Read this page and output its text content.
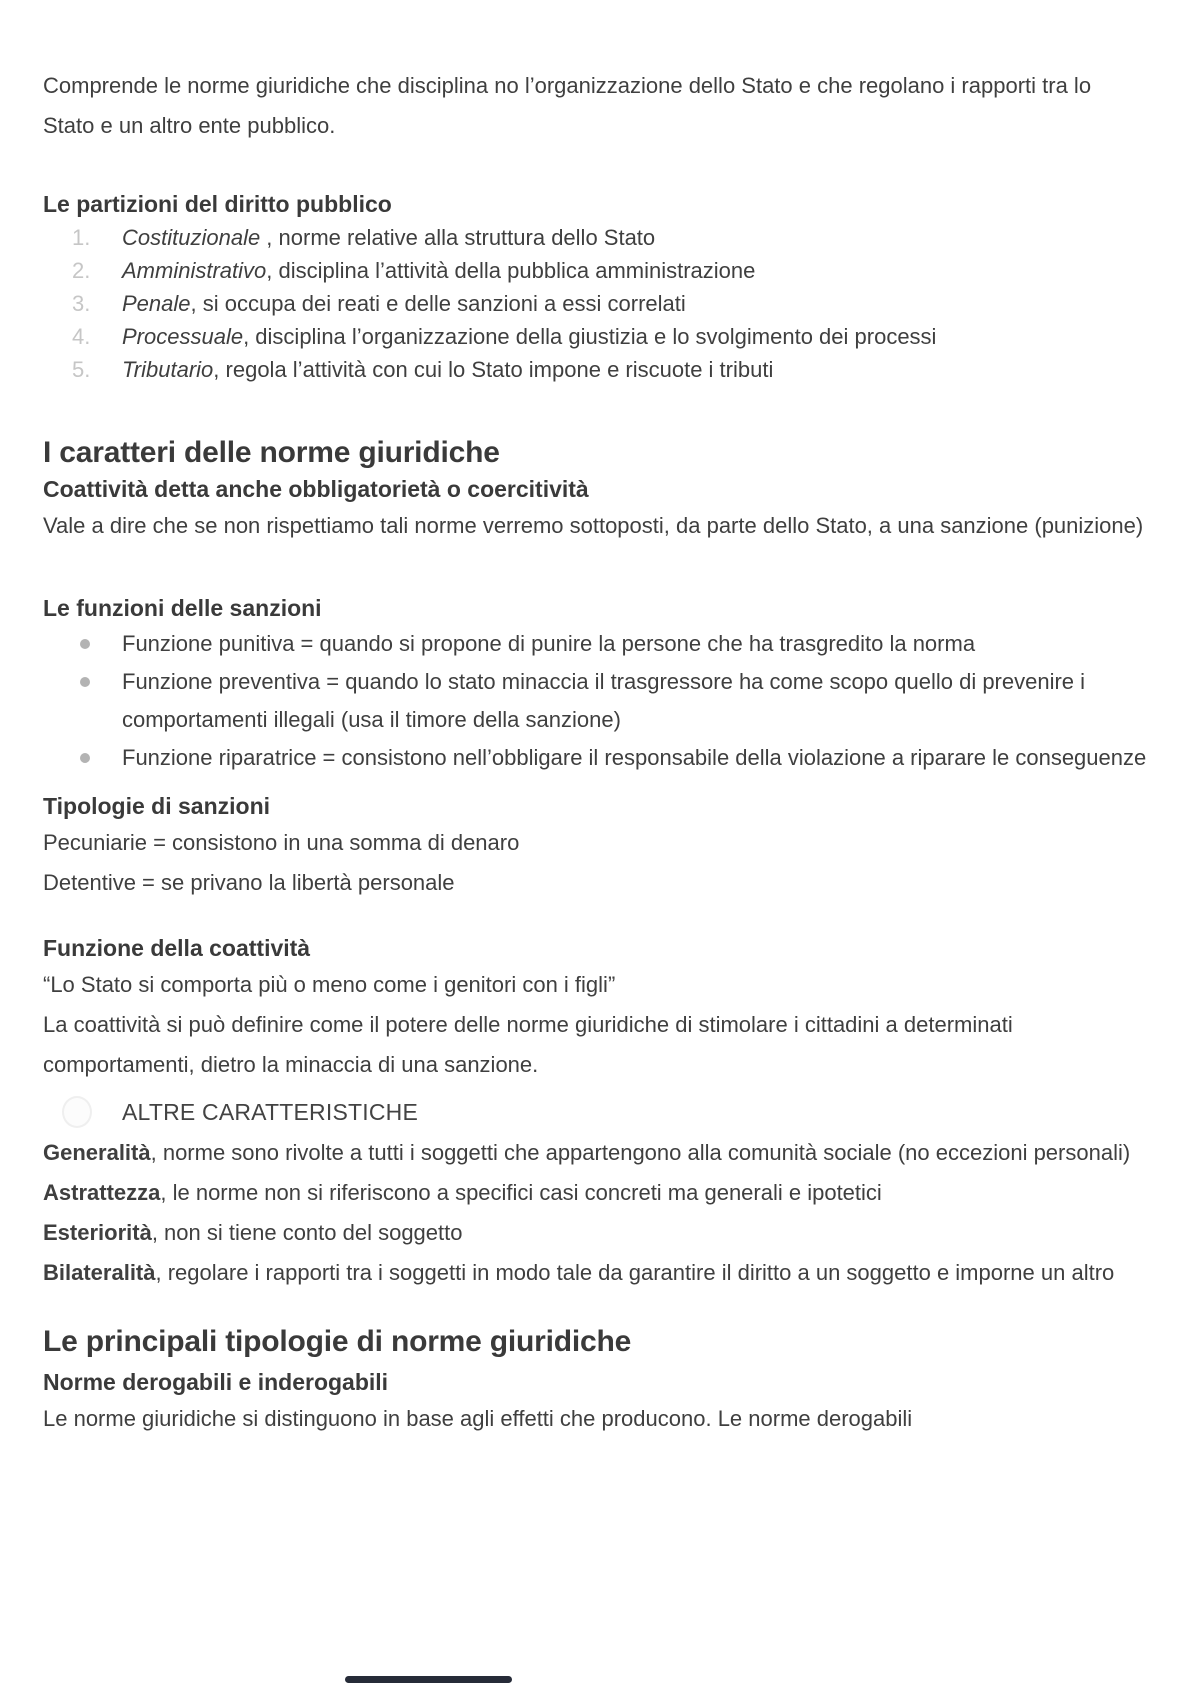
Comprende le norme giuridiche che disciplina no l’organizzazione dello Stato e che regolano i rapporti tra lo Stato e un altro ente pubblico.

Le partizioni del diritto pubblico
1.	Costituzionale , norme relative alla struttura dello Stato
2.	Amministrativo, disciplina l’attività della pubblica amministrazione
3.	Penale, si occupa dei reati e delle sanzioni a essi correlati
4.	Processuale, disciplina l’organizzazione della giustizia e lo svolgimento dei processi
5.	Tributario, regola l’attività con cui lo Stato impone e riscuote i tributi
I caratteri delle norme giuridiche
Coattività detta anche obbligatorietà o coercitività

Vale a dire che se non rispettiamo tali norme verremo sottoposti, da parte dello Stato, a una sanzione (punizione)

Le funzioni delle sanzioni
Funzione punitiva = quando si propone di punire la persone che ha trasgredito la norma
Funzione preventiva = quando lo stato minaccia il trasgressore ha come scopo quello di prevenire i comportamenti illegali (usa il timore della sanzione)
Funzione riparatrice = consistono nell’obbligare il responsabile della violazione a riparare le conseguenze
Tipologie di sanzioni

Pecuniarie = consistono in una somma di denaro

Detentive = se privano la libertà personale

Funzione della coattività

“Lo Stato si comporta più o meno come i genitori con i figli”

La coattività si può definire come il potere delle norme giuridiche di stimolare i cittadini a determinati comportamenti, dietro la minaccia di una sanzione.

ALTRE CARATTERISTICHE

Generalità, norme sono rivolte a tutti i soggetti che appartengono alla comunità sociale (no eccezioni personali)

Astrattezza, le norme non si riferiscono a specifici casi concreti ma generali e ipotetici

Esteriorità, non si tiene conto del soggetto

Bilateralità, regolare i rapporti tra i soggetti in modo tale da garantire il diritto a un soggetto e imporne un altro

Le principali tipologie di norme giuridiche
Norme derogabili e inderogabili

Le norme giuridiche si distinguono in base agli effetti che producono. Le norme derogabili
